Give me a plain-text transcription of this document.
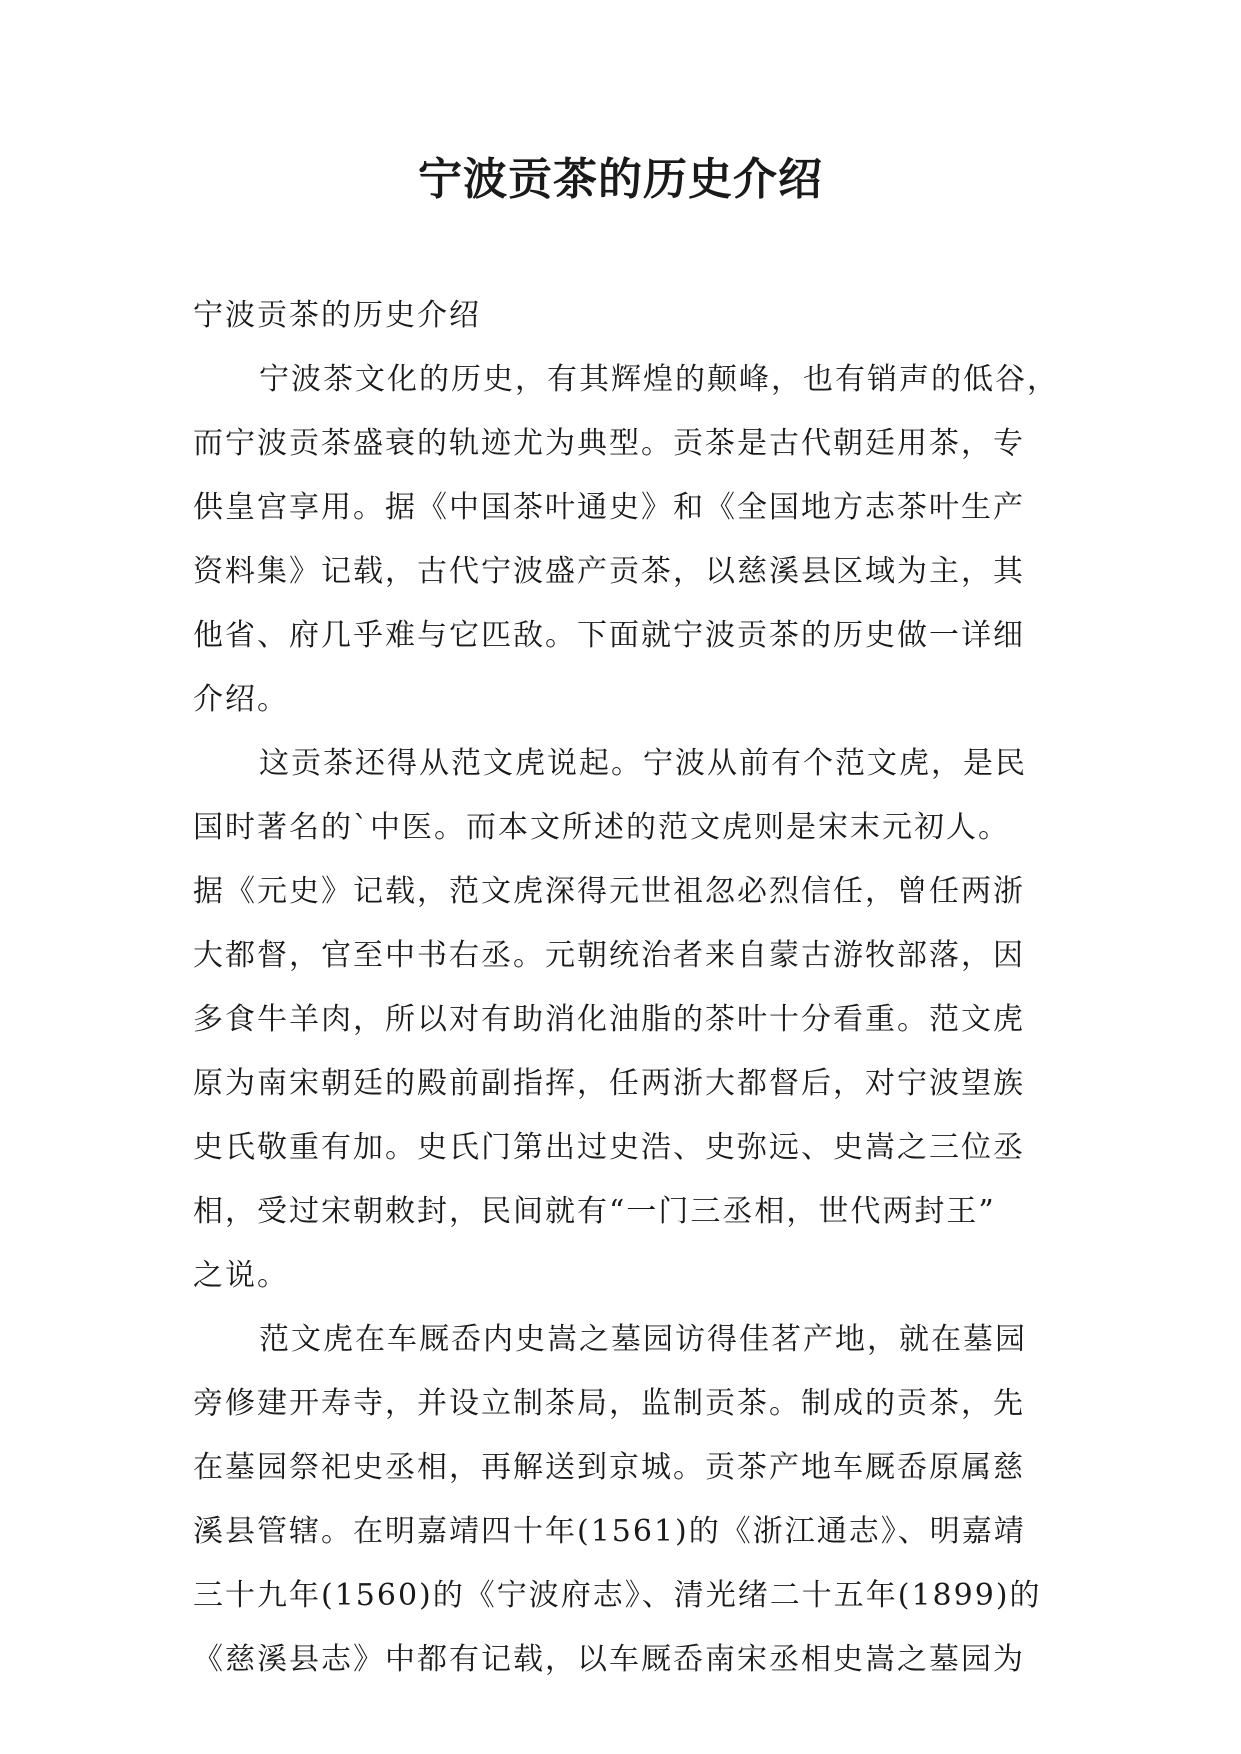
宁波贡茶的历史介绍
宁波贡茶的历史介绍
宁波茶文化的历史，有其辉煌的颠峰，也有销声的低谷，
而宁波贡茶盛衰的轨迹尤为典型。贡茶是古代朝廷用茶，专
供皇宫享用。据《中国茶叶通史》和《全国地方志茶叶生产
资料集》记载，古代宁波盛产贡茶，以慈溪县区域为主，其
他省、府几乎难与它匹敌。下面就宁波贡茶的历史做一详细
介绍。
这贡茶还得从范文虎说起。宁波从前有个范文虎，是民
国时著名的`中医。而本文所述的范文虎则是宋末元初人。
据《元史》记载，范文虎深得元世祖忽必烈信任，曾任两浙
大都督，官至中书右丞。元朝统治者来自蒙古游牧部落，因
多食牛羊肉，所以对有助消化油脂的茶叶十分看重。范文虎
原为南宋朝廷的殿前副指挥，任两浙大都督后，对宁波望族
史氏敬重有加。史氏门第出过史浩、史弥远、史嵩之三位丞
相，受过宋朝敕封，民间就有“一门三丞相，世代两封王”
之说。
范文虎在车厩岙内史嵩之墓园访得佳茗产地，就在墓园
旁修建开寿寺，并设立制茶局，监制贡茶。制成的贡茶，先
在墓园祭祀史丞相，再解送到京城。贡茶产地车厩岙原属慈
溪县管辖。在明嘉靖四十年(1561)的《浙江通志》、明嘉靖
三十九年(1560)的《宁波府志》、清光绪二十五年(1899)的
《慈溪县志》中都有记载，以车厩岙南宋丞相史嵩之墓园为
